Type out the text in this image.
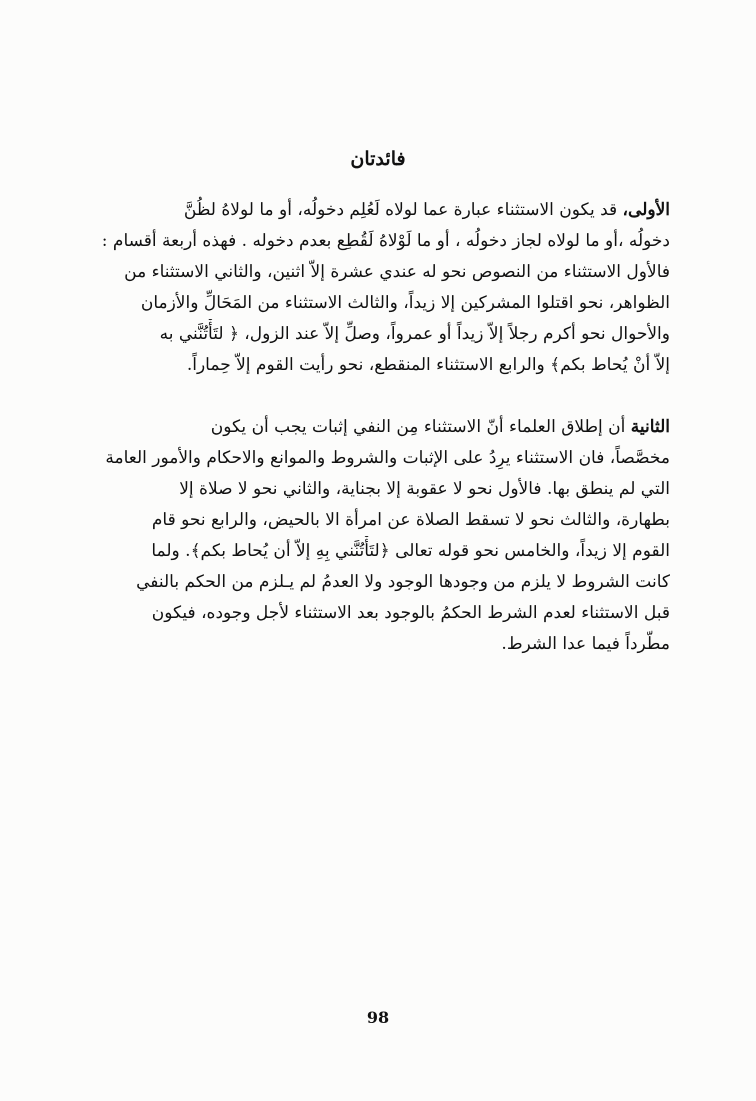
فائدتان
الأولى، قد يكون الاستثناء عبارة عما لولاه لَعُلِم دخولُه، أو ما لولاهُ لظُنَّ
دخولُه ،أو ما لولاه لجاز دخولُه ، أو ما لَوْلاهُ لَقُطِع بعدم دخوله . فهذه أربعة أقسام :
فالأول الاستثناء من النصوص نحو له عندي عشرة إلاّ اثنين، والثاني الاستثناء من
الظواهر، نحو اقتلوا المشركين إلا زيداً، والثالث الاستثناء من المَحَالِّ والأزمان
والأحوال نحو أكرم رجلاً إلاّ زيداً أو عمرواً، وصلِّ إلاّ عند الزول، ﴿ لتَأْتُنَّني به
إلاّ أنْ يُحاط بكم﴾ والرابع الاستثناء المنقطع، نحو رأيت القوم إلاّ حِماراً.
الثانية أن إطلاق العلماء أنّ الاستثناء مِن النفي إثبات يجب أن يكون
مخصَّصاً، فان الاستثناء يرِدُ على الإثبات والشروط والموانع والاحكام والأمور العامة
التي لم ينطق بها. فالأول نحو لا عقوبة إلا بجناية، والثاني نحو لا صلاة إلا
بطهارة، والثالث نحو لا تسقط الصلاة عن امرأة الا بالحيض، والرابع نحو قام
القوم إلا زيداً، والخامس نحو قوله تعالى ﴿لتَأْتُنَّني بِهِ إلاّ أن يُحاط بكم﴾. ولما
كانت الشروط لا يلزم من وجودها الوجود ولا العدمُ لم يـلزم من الحكم بالنفي
قبل الاستثناء لعدم الشرط الحكمُ بالوجود بعد الاستثناء لأجل وجوده، فيكون
مطّرداً فيما عدا الشرط.
98
